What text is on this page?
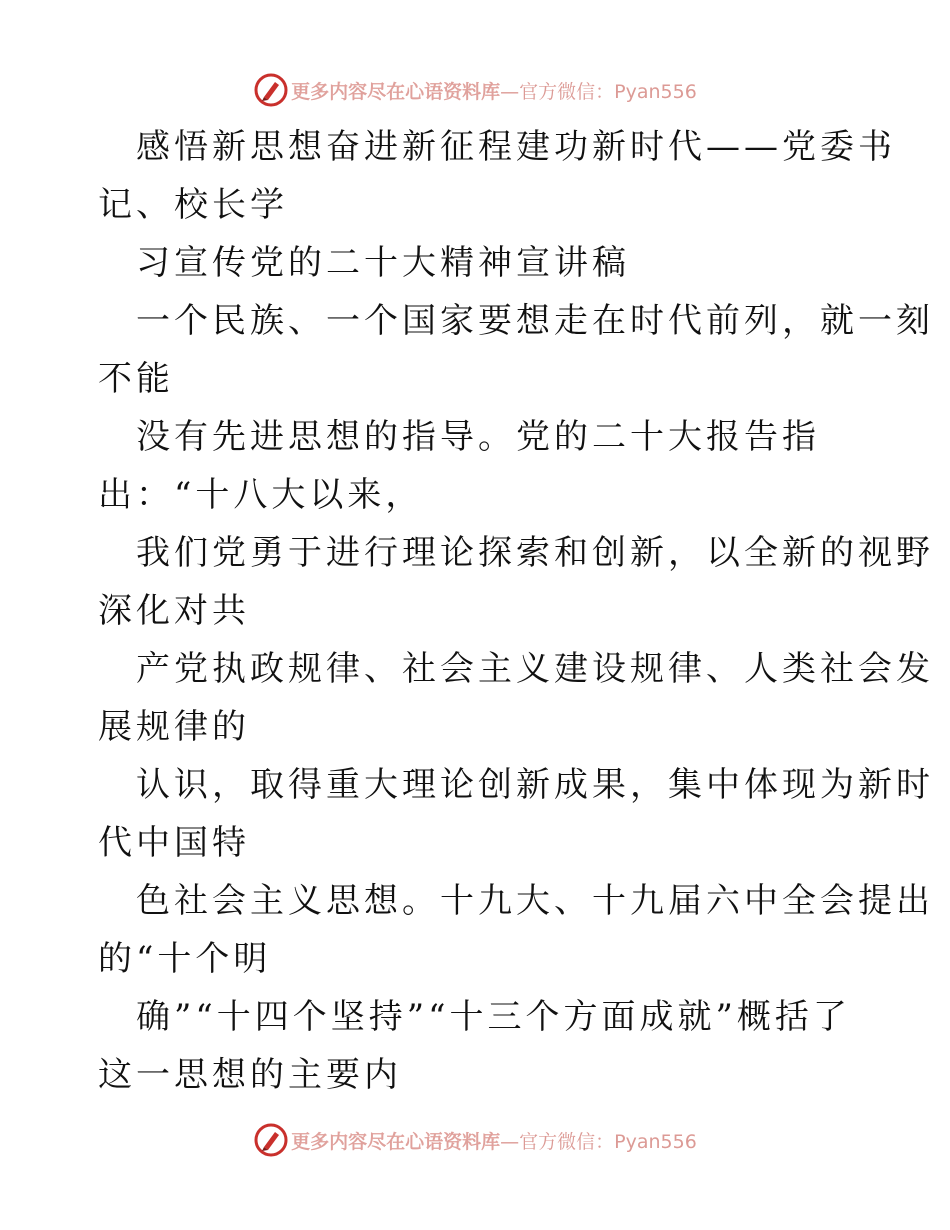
更多内容尽在心语资料库 —官方微信：Pyan556
感悟新思想奋进新征程建功新时代——党委书
记、校长学
习宣传党的二十大精神宣讲稿
一个民族、一个国家要想走在时代前列，就一刻
不能
没有先进思想的指导。党的二十大报告指
出：“十八大以来，
我们党勇于进行理论探索和创新，以全新的视野
深化对共
产党执政规律、社会主义建设规律、人类社会发
展规律的
认识，取得重大理论创新成果，集中体现为新时
代中国特
色社会主义思想。十九大、十九届六中全会提出
的“十个明
确”“十四个坚持”“十三个方面成就”概括了
这一思想的主要内
更多内容尽在心语资料库 —官方微信：Pyan556
